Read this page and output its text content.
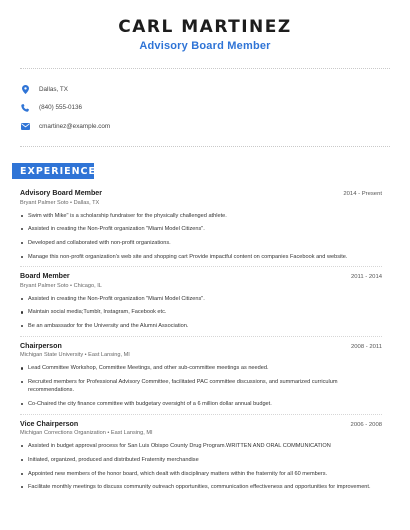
CARL MARTINEZ
Advisory Board Member
Dallas, TX
(840) 555-0136
cmartinez@example.com
EXPERIENCE
Advisory Board Member	2014 - Present
Bryant Palmer Soto • Dallas, TX
Swim with Mike" is a scholarship fundraiser for the physically challenged athlete.
Assisted in creating the Non-Profit organization "Miami Model Citizens".
Developed and collaborated with non-profit organizations.
Manage this non-profit organization's web site and shopping cart Provide impactful content on companies Facebook and website.
Board Member	2011 - 2014
Bryant Palmer Soto • Chicago, IL
Assisted in creating the Non-Profit organization "Miami Model Citizens".
Maintain social media;Tumblr, Instagram, Facebook etc.
Be an ambassador for the University and the Alumni Association.
Chairperson	2008 - 2011
Michigan State University • East Lansing, MI
Lead Committee Workshop, Committee Meetings, and other sub-committee meetings as needed.
Recruited members for Professional Advisory Committee, facilitated PAC committee discussions, and summarized curriculum recommendations.
Co-Chaired the city finance committee with budgetary oversight of a 6 million dollar annual budget.
Vice Chairperson	2006 - 2008
Michigan Corrections Organization • East Lansing, MI
Assisted in budget approval process for San Luis Obispo County Drug Program.WRITTEN AND ORAL COMMUNICATION
Initiated, organized, produced and distributed Fraternity merchandise
Appointed new members of the honor board, which dealt with disciplinary matters within the fraternity for all 60 members.
Facilitate monthly meetings to discuss community outreach opportunities, communication effectiveness and opportunities for improvement.
